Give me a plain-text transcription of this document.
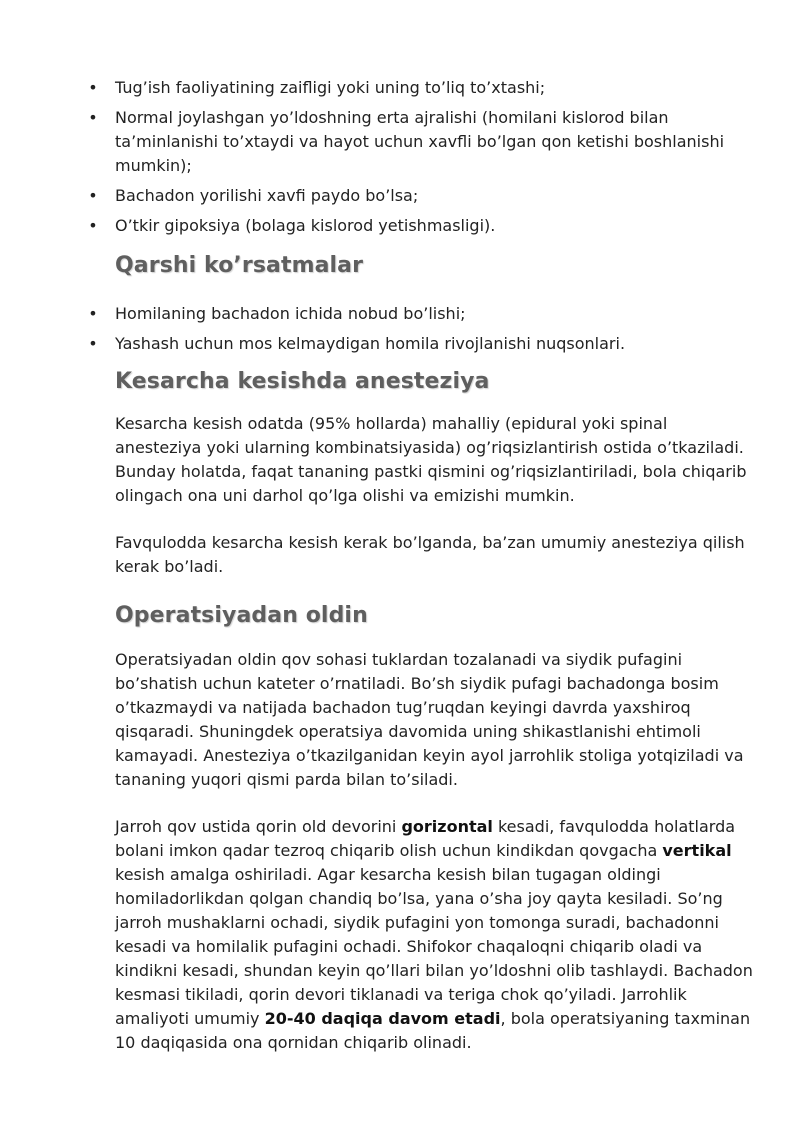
• Tug’ish faoliyatining zaifligi yoki uning to’liq to’xtashi;
• Normal joylashgan yo’ldoshning erta ajralishi (homilani kislorod bilan ta’minlanishi to’xtaydi va hayot uchun xavfli bo’lgan qon ketishi boshlanishi mumkin);
• Bachadon yorilishi xavfi paydo bo’lsa;
• O’tkir gipoksiya (bolaga kislorod yetishmasligi).
Qarshi ko’rsatmalar
• Homilaning bachadon ichida nobud bo’lishi;
• Yashash uchun mos kelmaydigan homila rivojlanishi nuqsonlari.
Kesarcha kesishda anesteziya

Kesarcha kesish odatda (95% hollarda) mahalliy (epidural yoki spinal anesteziya yoki ularning kombinatsiyasida) og’riqsizlantirish ostida o’tkaziladi. Bunday holatda, faqat tananing pastki qismini og’riqsizlantiriladi, bola chiqarib olingach ona uni darhol qo’lga olishi va emizishi mumkin.

Favqulodda kesarcha kesish kerak bo’lganda, ba’zan umumiy anesteziya qilish kerak bo’ladi.

Operatsiyadan oldin

Operatsiyadan oldin qov sohasi tuklardan tozalanadi va siydik pufagini bo’shatish uchun kateter o’rnatiladi. Bo’sh siydik pufagi bachadonga bosim o’tkazmaydi va natijada bachadon tug’ruqdan keyingi davrda yaxshiroq qisqaradi. Shuningdek operatsiya davomida uning shikastlanishi ehtimoli kamayadi. Anesteziya o’tkazilganidan keyin ayol jarrohlik stoliga yotqiziladi va tananing yuqori qismi parda bilan to’siladi.

Jarroh qov ustida qorin old devorini gorizontal kesadi, favqulodda holatlarda bolani imkon qadar tezroq chiqarib olish uchun kindikdan qovgacha vertikal kesish amalga oshiriladi. Agar kesarcha kesish bilan tugagan oldingi homiladorlikdan qolgan chandiq bo’lsa, yana o’sha joy qayta kesiladi. So’ng jarroh mushaklarni ochadi, siydik pufagini yon tomonga suradi, bachadonni kesadi va homilalik pufagini ochadi. Shifokor chaqaloqni chiqarib oladi va kindikni kesadi, shundan keyin qo’llari bilan yo’ldoshni olib tashlaydi. Bachadon kesmasi tikiladi, qorin devori tiklanadi va teriga chok qo’yiladi. Jarrohlik amaliyoti umumiy 20-40 daqiqa davom etadi, bola operatsiyaning taxminan 10 daqiqasida ona qornidan chiqarib olinadi.
